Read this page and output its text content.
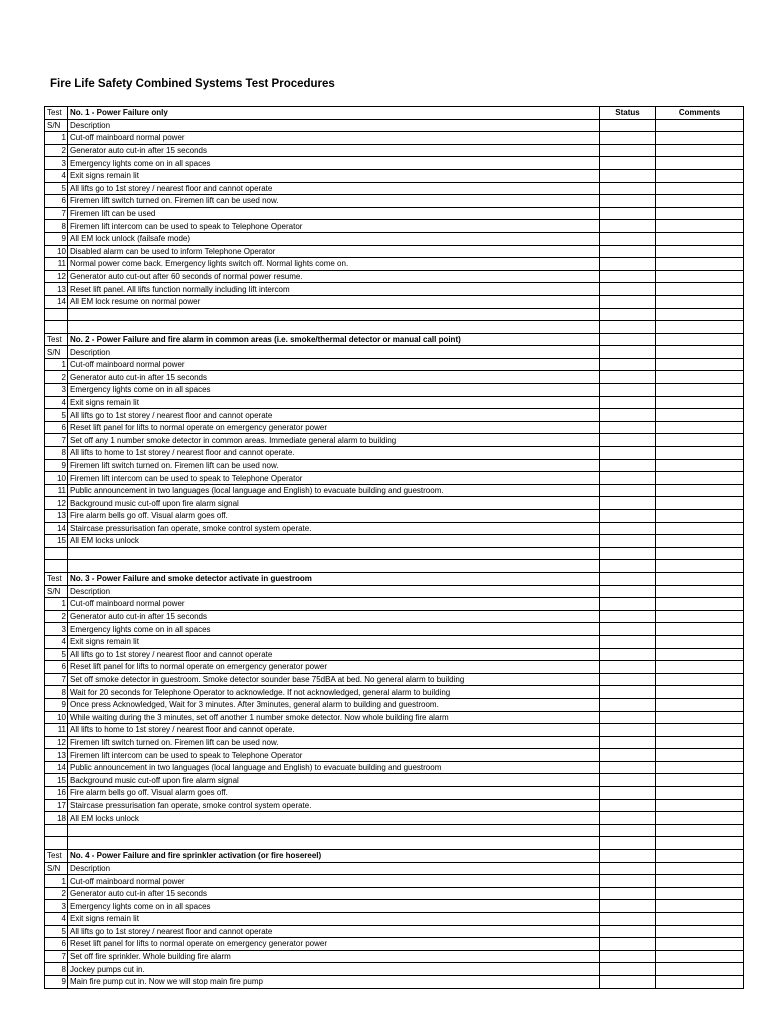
Fire Life Safety Combined Systems Test Procedures
Test	No. 1 - Power Failure only	Status	Comments
S/N	Description		
1	Cut-off mainboard normal power		
2	Generator auto cut-in after 15 seconds		
3	Emergency lights come on in all spaces		
4	Exit signs remain lit		
5	All lifts go to 1st storey / nearest floor and cannot operate		
6	Firemen lift switch turned on. Firemen lift can be used now.		
7	Firemen lift can be used		
8	Firemen lift intercom can be used to speak to Telephone Operator		
9	All EM lock unlock (failsafe mode)		
10	Disabled alarm can be used to inform Telephone Operator		
11	Normal power come back. Emergency lights switch off. Normal lights come on.		
12	Generator auto cut-out after 60 seconds of normal power resume.		
13	Reset lift panel. All lifts function normally including lift intercom		
14	All EM lock resume on normal power		

Test	No. 2 - Power Failure and fire alarm in common areas (i.e. smoke/thermal detector or manual call point)		
S/N	Description		
1	Cut-off mainboard normal power		
2	Generator auto cut-in after 15 seconds		
3	Emergency lights come on in all spaces		
4	Exit signs remain lit		
5	All lifts go to 1st storey / nearest floor and cannot operate		
6	Reset lift panel for lifts to normal operate on emergency generator power		
7	Set off any 1 number smoke detector in common areas. Immediate general alarm to building		
8	All lifts to home to 1st storey / nearest floor and cannot operate.		
9	Firemen lift switch turned on. Firemen lift can be used now.		
10	Firemen lift intercom can be used to speak to Telephone Operator		
11	Public announcement in two languages (local language and English) to evacuate building and guestroom.		
12	Background music cut-off upon fire alarm signal		
13	Fire alarm bells go off. Visual alarm goes off.		
14	Staircase pressurisation fan operate, smoke control system operate.		
15	All EM locks unlock		

Test	No. 3 - Power Failure and smoke detector activate in guestroom		
S/N	Description		
1	Cut-off mainboard normal power		
2	Generator auto cut-in after 15 seconds		
3	Emergency lights come on in all spaces		
4	Exit signs remain lit		
5	All lifts go to 1st storey / nearest floor and cannot operate		
6	Reset lift panel for lifts to normal operate on emergency generator power		
7	Set off smoke detector in guestroom. Smoke detector sounder base 75dBA at bed. No general alarm to building		
8	Wait for 20 seconds for Telephone Operator to acknowledge. If not acknowledged, general alarm to building		
9	Once press Acknowledged, Wait for 3 minutes. After 3minutes, general alarm to building and guestroom.		
10	While waiting during the 3 minutes, set off another 1 number smoke detector. Now whole building fire alarm		
11	All lifts to home to 1st storey / nearest floor and cannot operate.		
12	Firemen lift switch turned on. Firemen lift can be used now.		
13	Firemen lift intercom can be used to speak to Telephone Operator		
14	Public announcement in two languages (local language and English) to evacuate building and guestroom		
15	Background music cut-off upon fire alarm signal		
16	Fire alarm bells go off. Visual alarm goes off.		
17	Staircase pressurisation fan operate, smoke control system operate.		
18	All EM locks unlock		

Test	No. 4 - Power Failure and fire sprinkler activation (or fire hosereel)		
S/N	Description		
1	Cut-off mainboard normal power		
2	Generator auto cut-in after 15 seconds		
3	Emergency lights come on in all spaces		
4	Exit signs remain lit		
5	All lifts go to 1st storey / nearest floor and cannot operate		
6	Reset lift panel for lifts to normal operate on emergency generator power		
7	Set off fire sprinkler. Whole building fire alarm		
8	Jockey pumps cut in.		
9	Main fire pump cut in. Now we will stop main fire pump		
